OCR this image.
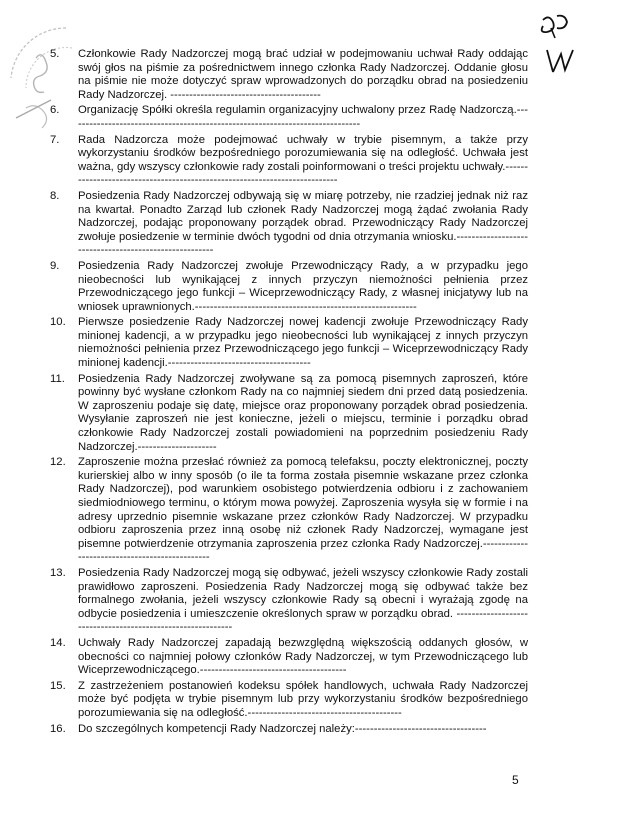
5.	Członkowie Rady Nadzorczej mogą brać udział w podejmowaniu uchwał Rady oddając swój głos na piśmie za pośrednictwem innego członka Rady Nadzorczej. Oddanie głosu na piśmie nie może dotyczyć spraw wprowadzonych do porządku obrad na posiedzeniu Rady Nadzorczej. ----------------------------------------
6.	Organizację Spółki określa regulamin organizacyjny uchwalony przez Radę Nadzorczą.------------------------------------------------------------------------------
7.	Rada Nadzorcza może podejmować uchwały w trybie pisemnym, a także przy wykorzystaniu środków bezpośredniego porozumiewania się na odległość. Uchwała jest ważna, gdy wszyscy członkowie rady zostali poinformowani o treści projektu uchwały.---------------------------------------------------------------------------
8.	Posiedzenia Rady Nadzorczej odbywają się w miarę potrzeby, nie rzadziej jednak niż raz na kwartał. Ponadto Zarząd lub członek Rady Nadzorczej mogą żądać zwołania Rady Nadzorczej, podając proponowany porządek obrad. Przewodniczący Rady Nadzorczej zwołuje posiedzenie w terminie dwóch tygodni od dnia otrzymania wniosku.-------------------------------------------------------
9.	Posiedzenia Rady Nadzorczej zwołuje Przewodniczący Rady, a w przypadku jego nieobecności lub wynikającej z innych przyczyn niemożności pełnienia przez Przewodniczącego jego funkcji – Wiceprzewodniczący Rady, z własnej inicjatywy lub na wniosek uprawnionych.-----------------------------------------------------------
10.	Pierwsze posiedzenie Rady Nadzorczej nowej kadencji zwołuje Przewodniczący Rady minionej kadencji, a w przypadku jego nieobecności lub wynikającej z innych przyczyn niemożności pełnienia przez Przewodniczącego jego funkcji – Wiceprzewodniczący Rady minionej kadencji.--------------------------------------
11.	Posiedzenia Rady Nadzorczej zwoływane są za pomocą pisemnych zaproszeń, które powinny być wysłane członkom Rady na co najmniej siedem dni przed datą posiedzenia. W zaproszeniu podaje się datę, miejsce oraz proponowany porządek obrad posiedzenia. Wysyłanie zaproszeń nie jest konieczne, jeżeli o miejscu, terminie i porządku obrad członkowie Rady Nadzorczej zostali powiadomieni na poprzednim posiedzeniu Rady Nadzorczej.---------------------
12.	Zaproszenie można przesłać również za pomocą telefaksu, poczty elektronicznej, poczty kurierskiej albo w inny sposób (o ile ta forma została pisemnie wskazane przez członka Rady Nadzorczej), pod warunkiem osobistego potwierdzenia odbioru i z zachowaniem siedmiodniowego terminu, o którym mowa powyżej. Zaproszenia wysyła się w formie i na adresy uprzednio pisemnie wskazane przez członków Rady Nadzorczej. W przypadku odbioru zaproszenia przez inną osobę niż członek Rady Nadzorczej, wymagane jest pisemne potwierdzenie otrzymania zaproszenia przez członka Rady Nadzorczej.-----------------------------------------------
13.	Posiedzenia Rady Nadzorczej mogą się odbywać, jeżeli wszyscy członkowie Rady zostali prawidłowo zaproszeni. Posiedzenia Rady Nadzorczej mogą się odbywać także bez formalnego zwołania, jeżeli wszyscy członkowie Rady są obecni i wyrażają zgodę na odbycie posiedzenia i umieszczenie określonych spraw w porządku obrad. ------------------------------------------------------------
14.	Uchwały Rady Nadzorczej zapadają bezwzględną większością oddanych głosów, w obecności co najmniej połowy członków Rady Nadzorczej, w tym Przewodniczącego lub Wiceprzewodniczącego.---------------------------------------
15.	Z zastrzeżeniem postanowień kodeksu spółek handlowych, uchwała Rady Nadzorczej może być podjęta w trybie pisemnym lub przy wykorzystaniu środków bezpośredniego porozumiewania się na odległość.-----------------------------------------
16.	Do szczególnych kompetencji Rady Nadzorczej należy:-----------------------------------
5
